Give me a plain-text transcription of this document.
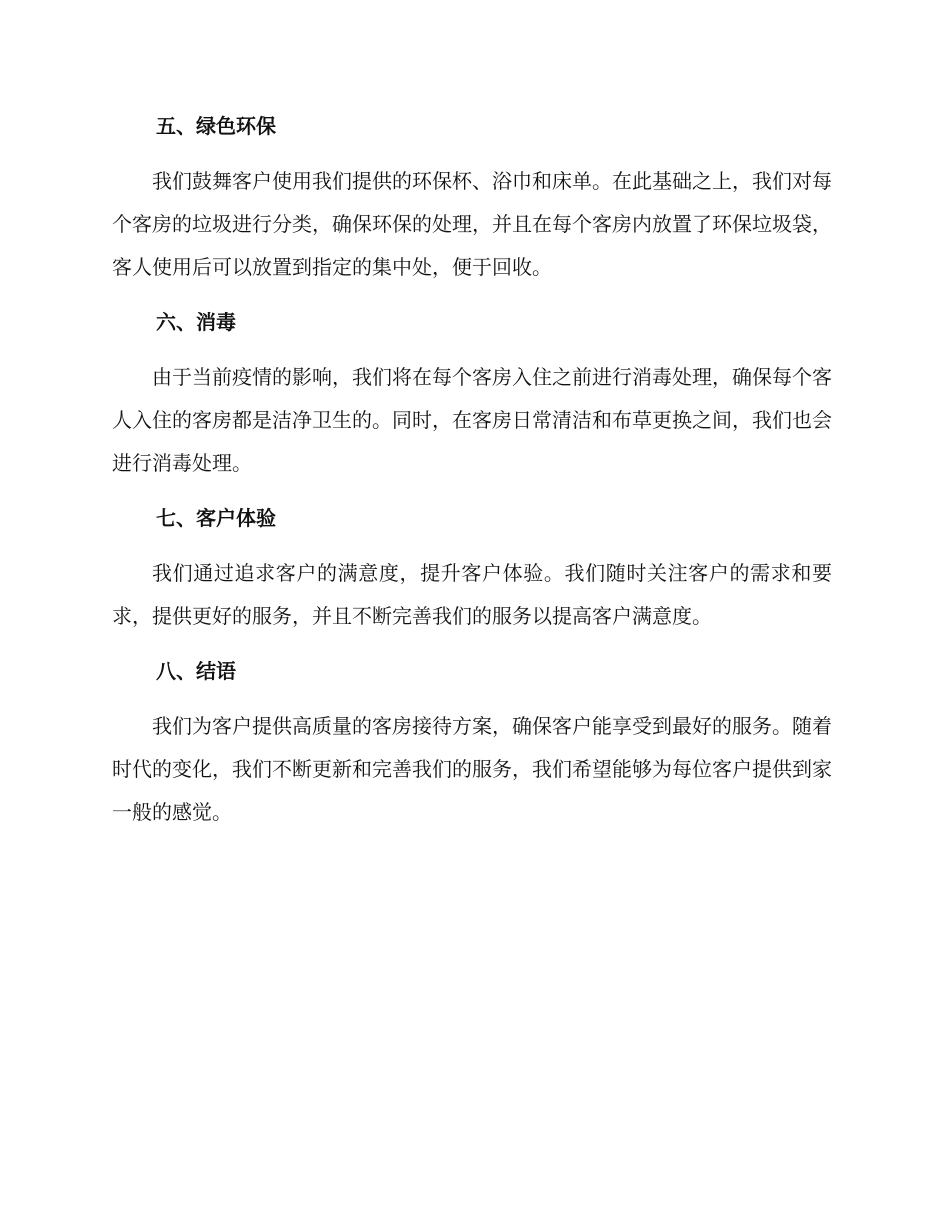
五、绿色环保

我们鼓舞客户使用我们提供的环保杯、浴巾和床单。在此基础之上，我们对每个客房的垃圾进行分类，确保环保的处理，并且在每个客房内放置了环保垃圾袋，客人使用后可以放置到指定的集中处，便于回收。

六、消毒

由于当前疫情的影响，我们将在每个客房入住之前进行消毒处理，确保每个客人入住的客房都是洁净卫生的。同时，在客房日常清洁和布草更换之间，我们也会进行消毒处理。

七、客户体验

我们通过追求客户的满意度，提升客户体验。我们随时关注客户的需求和要求，提供更好的服务，并且不断完善我们的服务以提高客户满意度。

八、结语

我们为客户提供高质量的客房接待方案，确保客户能享受到最好的服务。随着时代的变化，我们不断更新和完善我们的服务，我们希望能够为每位客户提供到家一般的感觉。
